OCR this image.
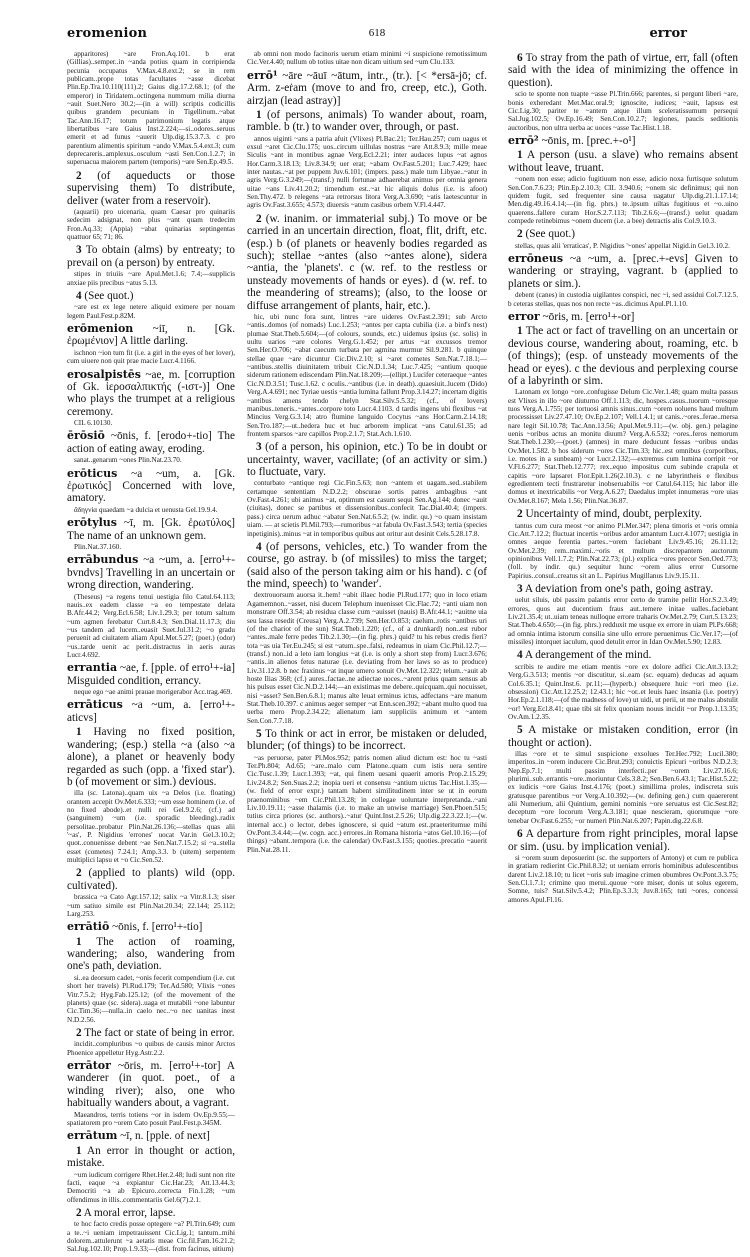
eromenion	618	error

apparitores) ~are Fron.Aq.101. b erat (Gillias)..semper..in ~anda potius quam in corripienda pecunia occupatus V.Max.4.8.ext.2; se in rem publicam..prope totas facultates ~asse dicebat Plin.Ep.Tra.10.110(111).2; Gaius dig.17.2.68.1; (of the emperor) in Tiridatem..octingena nummum milia diurna ~auit Suet.Nero 30.2;—(in a will) scriptis codicillis quibus grandem pecuniam in Tigellinum..~abat Tac.Ann.16.17; totum patrimonium legatis atque libertatibus ~are Gaius Inst.2.224;—si..odores..seruus emerit et ad funus ~auerit Ulp.dig.15.3.7.3. c pro parentium alimentis spiritum ~ando V.Max.5.4.ext.3; cum deprecareris..amplexus..osculum ~asti Sen.Con.1.2.7; in superuacua maiorem partem (temporis) ~are Sen.Ep.49.5.

2 (of aqueducts or those supervising them) To distribute, deliver (water from a reservoir).

(aquarii) pro uicenaria, quam Caesar pro quinariis sedecim adsignat, non plus ~ant quam tredecim Fron.Aq.33; (Appia) ~abat quinarias septingentas quattuor 65; 71; 86.

3 To obtain (alms) by entreaty; to prevail on (a person) by entreaty.

stipes in triuiis ~are Apul.Met.1.6; 7.4;—supplicis anxiae piis precibus ~atus 5.13.

4 (See quot.)

~are est ex lege uetere aliquid eximere per nouam legem Paul.Fest.p.82M.

erōmenion ~iī, n. [Gk. ἐρωμένιον] A little darling.

ischnon ~ion tum fit (i.e. a girl in the eyes of her lover), cum uiuere non quit prae macie Lucr.4.1166.

erosalpistēs ~ae, m. [corruption of Gk. ἱεροσαλπικτής (-ιστ-)] One who plays the trumpet at a religious ceremony.

CIL 6.10130.

ērōsiō ~ōnis, f. [erodo+-tio] The action of eating away, eroding.

sanat..genarum ~ones Plin.Nat.23.70.

erōticus ~a ~um, a. [Gk. ἐρωτικός] Concerned with love, amatory.

ἄδηγνία quaedam ~a dulcia et uenusta Gel.19.9.4.

erōtylus ~ī, m. [Gk. ἐρωτύλος] The name of an unknown gem.

Plin.Nat.37.160.

errābundus ~a ~um, a. [erro¹+-bvndvs] Travelling in an uncertain or wrong direction, wandering.

(Theseus) ~a regens tenui uestigia filo Catul.64.113; nauis..ex eadem classe ~a eo tempestate delata B.Afr.44.2; Verg.Ecl.6.58; Liv.1.29.3; per totum saltum ~um agmen ferebatur Curt.8.4.3; Sen.Dial.11.17.3; diu ~us tandem ad lucem..euasit Suet.Jul.31.2; ~o gradu peruenit ad ciuitatem aliam Apul.Met.5.27; (poet.) (odor) ~us..tarde uenit ac perit..distractus in aeris auras Lucr.4.692.

errantia ~ae, f. [pple. of erro¹+-ia] Misguided condition, errancy.

neque ego ~ae animi prauae morigerabor Acc.trag.469.

errāticus ~a ~um, a. [erro¹+-aticvs]

1 Having no fixed position, wandering; (esp.) stella ~a (also ~a alone), a planet or heavenly body regarded as such (opp. a 'fixed star'). b (of movement or sim.) devious.

illa (sc. Latona)..quam uix ~a Delos (i.e. floating) orantem accepit Ov.Met.6.333; ~um esse hominem (i.e. of no fixed abode)..et nulli rei Gel.9.2.6; (cf.) ad (sanguinem) ~um (i.e. sporadic bleeding)..radix persolitae..probatur Plin.Nat.26.136;—stellas quas alii '~as', P. Nigidius 'errones' uocat Var.in Gel.3.10.2; quot..conuenisse debent ~ae Sen.Nat.7.15.2; si ~a..stella esset (cometes) 7.24.1; Amp.3.3. b (uitem) serpentem multiplici lapsu et ~o Cic.Sen.52.

2 (applied to plants) wild (opp. cultivated).

brassica ~a Cato Agr.157.12; salix ~a Vitr.8.1.3; siser ~um satiuo simile est Plin.Nat.20.34; 22.144; 25.112; Larg.253.

errātiō ~ōnis, f. [erro¹+-tio]

1 The action of roaming, wandering; also, wandering from one's path, deviation.

si..ea deorsum cadet, ~onis fecerit compendium (i.e. cut short her travels) Pl.Rud.179; Ter.Ad.580; Vlixis ~ones Vitr.7.5.2; Hyg.Fab.125.12; (of the movement of the planets) quae (sc. sidera)..uaga et mutabili ~one labuntur Cic.Tim.36;—nulla..in caelo nec..~o nec uanitas inest N.D.2.56.

2 The fact or state of being in error.

incidit..compluribus ~o quibus de causis minor Arctos Phoenice appelletur Hyg.Astr.2.2.

errātor ~ōris, m. [erro¹+-tor] A wanderer (in quot. poet., of a winding river); also, one who habitually wanders about, a vagrant.

Maeandros, terris totiens ~or in isdem Ov.Ep.9.55;—spatiatorem pro ~orem Cato posuit Paul.Fest.p.345M.

errātum ~ī, n. [pple. of next]

1 An error in thought or action, mistake.

~um iudicum corrigere Rhet.Her.2.48; ludi sunt non rite facti, eaque ~a expiantur Cic.Har.23; Att.13.44.3; Democriti ~a ab Epicuro..correcta Fin.1.28; ~um offendimus in illis..commentariis Gel.6(7).2.1.

2 A moral error, lapse.

te hoc facto credis posse optegere ~a? Pl.Trin.649; cum a te..~i ueniam impetrauissent Cic.Lig.1; tantum..mihi dolorem..attulerunt ~a aetatis meae Cic.fil.Fam.16.21.2; Sal.Jug.102.10; Prop.1.9.33;—(dist. from facinus, uitium)

ab omni non modo facinoris uerum etiam minimi ~i suspicione remotissimum Cic.Ver.4.40; nullum ob totius uitae non dicam uitium sed ~um Clu.133.

errō¹ ~āre ~āuī ~ātum, intr., (tr.). [< *ersā-jō; cf. Arm. z-eṙam (move to and fro, creep, etc.), Goth. airzjan (lead astray)]

1 (of persons, animals) To wander about, roam, ramble. b (tr.) to wander over, through, or past.

annos uiginti ~ans a patria afuit (Vlixes) Pl.Bac.21; Ter.Hau.257; cum uagus et exsul ~aret Cic.Clu.175; uos..circum uillulas nostras ~are Att.8.9.3; mille meae Siculis ~ant in montibus agnae Verg.Ecl.2.21; inter audaces lupus ~at agnos Hor.Carm.3.18.13; Liv.8.34.9; uer erat; ~abam Ov.Fast.5.201; Luc.7.429; haec inter nautas..~at per puppem Juv.6.101; (impers. pass.) male tum Libyae..~atur in agris Verg.G.3.249;—(transf.) nulli fortunae adhaerebat animus per omnia genera uitae ~ans Liv.41.20.2; timendum est..~at hic aliquis dolus (i.e. is afoot) Sen.Thy.472. b relegens ~ata retrorsus litora Verg.A.3.690; ~atis laetescuntur in agris Ov.Fast.3.655; 4.573; diuersis ~atum casibus orbem V.Fl.4.447.

2 (w. inanim. or immaterial subj.) To move or be carried in an uncertain direction, float, flit, drift, etc. (esp.) b (of planets or heavenly bodies regarded as such); stellae ~antes (also ~antes alone), sidera ~antia, the 'planets'. c (w. ref. to the restless or unsteady movements of hands or eyes). d (w. ref. to the meandering of streams); (also, to the loose or diffuse arrangement of plants, hair, etc.).

hic, ubi nunc fora sunt, lintres ~are uideres Ov.Fast.2.391; sub Arcto ~antis..domos (of nomads) Luc.1.253; ~antes per capta cubilia (i.e. a bird's nest) plumae Stat.Theb.5.604;—(of colours, sounds, etc.) uidemus ipsius (sc. solis) in uultu uarios ~are colores Verg.G.1.452; per artus ~at excussos tremor Sen.Her.O.706; ~abat caecum turbata per agmina murmur Sil.9.281. b quinque stellae quae ~are dicuntur Cic.Div.2.10; si ~aret cometes Sen.Nat.7.18.1;—~antibus..stellis diuinitatem tribuit Cic.N.D.1.34; Luc.7.425; ~antium quoque siderum rationem ediscendam Plin.Nat.18.209;—(ellipt.) Lucifer ceteraeque ~antes Cic.N.D.3.51; Tusc.1.62. c oculis..~antibus (i.e. in death)..quaesiuit..lucem (Dido) Verg.A.4.691; nec Tyriae uestis ~antia lumina fallunt Prop.3.14.27; incertam digitis ~antibus amens tendo chelyn Stat.Silv.5.5.32; (cf., of lovers) manibus..teneris..~antes..corpore toto Lucr.4.1103. d tardis ingens ubi flexibus ~at Mincius Verg.G.3.14; atro flumine languido Cocytus ~ans Hor.Carm.2.14.18; Sen.Tro.187;—ut..hedera huc et huc arborem implicat ~ans Catul.61.35; ad frontem sparsos ~are capillos Prop.2.1.7; Stat.Ach.1.610.

3 (of a person, his opinion, etc.) To be in doubt or uncertainty, waver, vacillate; (of an activity or sim.) to fluctuate, vary.

conturbato ~antique regi Cic.Fin.5.63; non ~antem et uagam..sed..stabilem certamque sententiam N.D.2.2; obscurae sortis patres ambagibus ~ant Ov.Fast.4.261; ubi animus ~at, optimum est casum sequi Sen.Ag.144; donec ~auit (ciuitas), donec se partibus et dissensionibus..confecit Tac.Dial.40.4; (impers. pass.) circa uerum adhuc ~abatur Sen.Nat.6.5.2; (w. indir. qu.) ~o quam insistam uiam. — at scietis Pl.Mil.793;—rumoribus ~at fabula Ov.Fast.3.543; tertia (species inpetiginis)..minus ~at in temporibus quibus aut oritur aut desinit Cels.5.28.17.8.

4 (of persons, vehicles, etc.) To wander from the course, go astray. b (of missiles) to miss the target; (said also of the person taking aim or his hand). c (of the mind, speech) to 'wander'.

dextrouorsum auorsa it..hem! ~abit illaec hodie Pl.Rud.177; quo in loco etiam Agamemnon..~asset, nisi ducem Telephum inuenisset Cic.Flac.72; ~anti uiam non monstrare Off.3.54; ab residua classe cum ~auisset (nauis) B.Afr.44.1; ~auitne uia seu lassa resedit (Creusa) Verg.A.2.739; Sen.Her.O.853; caelum..rotis ~antibus uri (of the chariot of the sun) Stat.Theb.1.220; (cf., of a drunkard) non..est rubor ~antes..male ferre pedes Tib.2.1.30;—(in fig. phrs.) quid? tu his rebus credis fieri? tota ~as uia Ter.Eu.245; si est ~atum..spe..falsi, redeamus in uiam Cic.Phil.12.7;—(transf.) non..id a leto iam longius ~at (i.e. is only a short step from) Lucr.3.676; ~antis..in alienos fetus naturae (i.e. deviating from her laws so as to produce) Liv.31.12.8. b nec fraxinus ~at inque umero sonuit Ov.Met.12.322; telum..~auit ab hoste Ilias 368; (cf.) aures..factae..ne adiectae uoces..~arent prius quam sensus ab his pulsus esset Cic.N.D.2.144;—an existimas me debere..quicquam..qui nocuisset, nisi ~asset? Sen.Ben.6.8.1; manus alte leuat erminus ictus, adfectans ~are manum Stat.Theb.10.397. c animus aeger semper ~at Enn.scen.392; ~abant multo quod tua uerba mero Prop.2.34.22; alienatum iam suppliciis animum et ~antem Sen.Con.7.7.18.

5 To think or act in error, be mistaken or deluded, blunder; (of things) to be incorrect.

~as peruorse, pater Pl.Mos.952; patris nomen aliud dictum est: hoc tu ~asti Ter.Ph.804; Ad.65; ~are..malo cum Platone..quam cum istis uera sentire Cic.Tusc.1.39; Lucr.1.393; ~at, qui finem uesani quaerit amoris Prop.2.15.29; Liv.24.8.2; Sen.Suas.2.2; inopia ueri et consensu ~antium uictus Tac.Hist.1.35;—(w. field of error expr.) tantam habent similitudinem inter se ut in eorum praenominibus ~em Cic.Phil.13.28; in collegae uoluntate interpretanda..~ani Liv.10.19.11; ~asse thalamis (i.e. to make an unwise marriage) Sen.Phoen.515; tutius circa priores (sc. authors)..~atur Quint.Inst.2.5.26; Ulp.dig.22.3.22.1;—(w. internal acc.) o lector, debes ignoscere, si quid ~atum est..praeteritumue mihi Ov.Pont.3.4.44;—(w. cogn. acc.) errores..in Romana historia ~atos Gel.10.16;—(of things) ~abant..tempora (i.e. the calendar) Ov.Fast.3.155; quoties..precatio ~auerit Plin.Nat.28.11.

6 To stray from the path of virtue, err, fall (often said with the idea of minimizing the offence in question).

scio te sponte non tuapte ~asse Pl.Trin.666; parentes, si pergunt liberi ~are, bonis exheredant Met.Mac.oral.9; ignoscite, iudices; ~auit, lapsus est Cic.Lig.30; pariter te ~antem atque illum sceleratissumum persequi Sal.Jug.102.5; Ov.Ep.16.49; Sen.Con.10.2.7; legiones, paucis seditionis auctoribus, non ultra uerba ac uoces ~asse Tac.Hist.1.18.

errō² ~ōnis, m. [prec.+-o¹]

1 A person (usu. a slave) who remains absent without leave, truant.

~onem non esse; adicio fugitiuum non esse, adicio noxa furtisque solutum Sen.Con.7.6.23; Plin.Ep.2.10.3; CIL 3.940.6; ~onem sic definimus; qui non quidem fugit, sed frequenter sine causa uagatur Ulp.dig.21.1.17.14; Men.dig.49.16.4.14;—(in fig. phrs.) te..ipsum uiltas fugitiuus et ~o..uino quaerens..fallere curam Hor.S.2.7.113; Tib.2.6.6;—(transf.) uelut quadam compede retinebimus ~onem ducem (i.e. a bee) detractis alis Col.9.10.3.

2 (See quot.)

stellas, quas alii 'erraticas', P. Nigidius '~ones' appellat Nigid.in Gel.3.10.2.

errōneus ~a ~um, a. [prec.+-evs] Given to wandering or straying, vagrant. b (applied to planets or sim.).

debent (canes) in custodia uigilantes conspici, nec ~i, sed assidui Col.7.12.5. b ceteras stellas, quas nos non recte ~as..dicimus Apul.Pl.1.10.

error ~ōris, m. [erro¹+-or]

1 The act or fact of travelling on an uncertain or devious course, wandering about, roaming, etc. b (of things); (esp. of unsteady movements of the head or eyes). c the devious and perplexing course of a labyrinth or sim.

Latonam ex longo ~ore..confugisse Delum Cic.Ver.1.48; quam multa passus est Vlixes in illo ~ore diuturno Off.1.113; dic, hospes..casus..tuorum ~oresque tuos Verg.A.1.755; per tortuosi amnis sinus..cum ~orem uoluens haud multum processisset Liv.27.47.10; Ov.Ep.2.107; Vell.1.4.1; ut canis..~ores..ferae..mersa nare legit Sil.10.78; Tac.Ann.13.56; Apul.Met.9.11;—(w. obj. gen.) pelagine uenis ~oribus actus an monitu diuum? Verg.A.6.532; ~ores..feros nemorum Stat.Theb.1.230;—(poet.) (amnes) in mare deducunt fessas ~oribus undas Ov.Met.1.582. b hos siderum ~ores Cic.Tim.33; hic..est omnibus (corporibus, i.e. motes in a sunbeam) ~or Lucr.2.132;—extremus cum lumina corripit ~or V.Fl.6.277; Stat.Theb.12.777; rex..equo impositus cum subinde crapula et capitis ~ore lapsaret Flor.Epit.1.26(2.10.3). c ne labyrintheis e flexibus egredientem tecti frustraretur inobseruabilis ~or Catul.64.115; hic labor ille domus et inextricabilis ~or Verg.A.6.27; Daedalus implet innumeras ~ore uias Ov.Met.8.167; Mela 1.56; Plin.Nat.36.87.

2 Uncertainty of mind, doubt, perplexity.

tantus cum cura meost ~or animo Pl.Mer.347; plena timoris et ~oris omnia Cic.Att.7.12.2; fluctuat incertis ~oribus ardor amantum Lucr.4.1077; uestigia in omnes aeque ferentia partes..~orem faciebant Liv.9.45.16; 26.11.12; Ov.Met.2.39; rem..maximi..~oris et multum discrepantem auctorum opinionibus Vell.1.7.2; Plin.Nat.22.73; (pl.) explica ~ores precor Sen.Oed.773; (foll. by indir. qu.) sequitur hunc ~orem alius error Cursorne Papirius..consul..creatus sit an L. Papirius Mugillanus Liv.9.15.11.

3 A deviation from one's path, going astray.

uelut siluis, ubi passim palantis error certo de tramite pellit Hor.S.2.3.49; errores, quos aut ducentium fraus aut..temere initae ualles..faciebant Liv.21.35.4; ut..uiam teneas nulloque errore traharis Ov.Met.2.79; Curt.5.13.23; Stat.Theb.4.650;—(in fig. phrs.) redduxit me usque ex errore in uiam Pl.Ps.668; ad omnia intima istorum consilia sine ullo errore peruenimus Cic.Ver.17;—(of missiles) intorquet iaculum, quod detulit error in Idan Ov.Met.5.90; 12.83.

4 A derangement of the mind.

scribis te audire me etiam mentis ~ore ex dolore adfici Cic.Att.3.13.2; Verg.G.3.513; mentis ~or discutitur, si..eam (sc. equam) deducas ad aquam Col.6.35.1; Quint.Inst.6. pr.11;—(hyperb.) obsequere huic ~ori meo (i.e. obsession) Cic.Att.12.25.2; 12.43.1; hic ~or..et leuis haec insania (i.e. poetry) Hor.Ep.2.1.118;—(of the madness of love) ut uidi, ut perii, ut me malus abstulit ~or! Verg.Ecl.8.41; quae tibi sit felix quoniam nouus incidit ~or Prop.1.13.35; Ov.Am.1.2.35.

5 A mistake or mistaken condition, error (in thought or action).

illas ~ore et te simul suspicione exsolues Ter.Hec.792; Lucil.380; imperitos..in ~orem inducere Cic.Brut.293; conuictis Epicuri ~oribus N.D.2.3; Nep.Ep.7.1; multi passim interfecti..per ~orem Liv.27.16.6; plurimi..sub..errantis ~ore..moriuntur Cels.3.8.2; Sen.Ben.6.43.1; Tac.Hist.5.22; ex iudicis ~ore Gaius Inst.4.176; (poet.) simillima proles, indiscreta suis gratusque parentibus ~or Verg.A.10.392;—(w. defining gen.) cum quaererent alii Numerium, alii Quintium, gemini nominis ~ore seruatus est Cic.Sest.82; deceptum ~ore locorum Verg.A.3.181; quae nescieram, quorumque ~ore tenebar Ov.Fast.6.255; ~or numeri Plin.Nat.6.207; Papin.dig.22.6.8.

6 A departure from right principles, moral lapse or sim. (usu. by implication venial).

si ~orem suum deposuerint (sc. the supporters of Antony) et cum re publica in gratiam redierint Cic.Phil.8.32; ut ueniam erroris hominibus adulescentibus darent Liv.2.18.10; tu licet ~oris sub imagine crimen obumbres Ov.Pont.3.3.75; Sen.Cl.1.7.1; crimine quo merui..quoue ~ore miser, donis ut solus egerem, Somne, tuis? Stat.Silv.5.4.2; Plin.Ep.3.3.3; Juv.8.165; tuti ~ores, concessi amores Apul.Fl.16.
